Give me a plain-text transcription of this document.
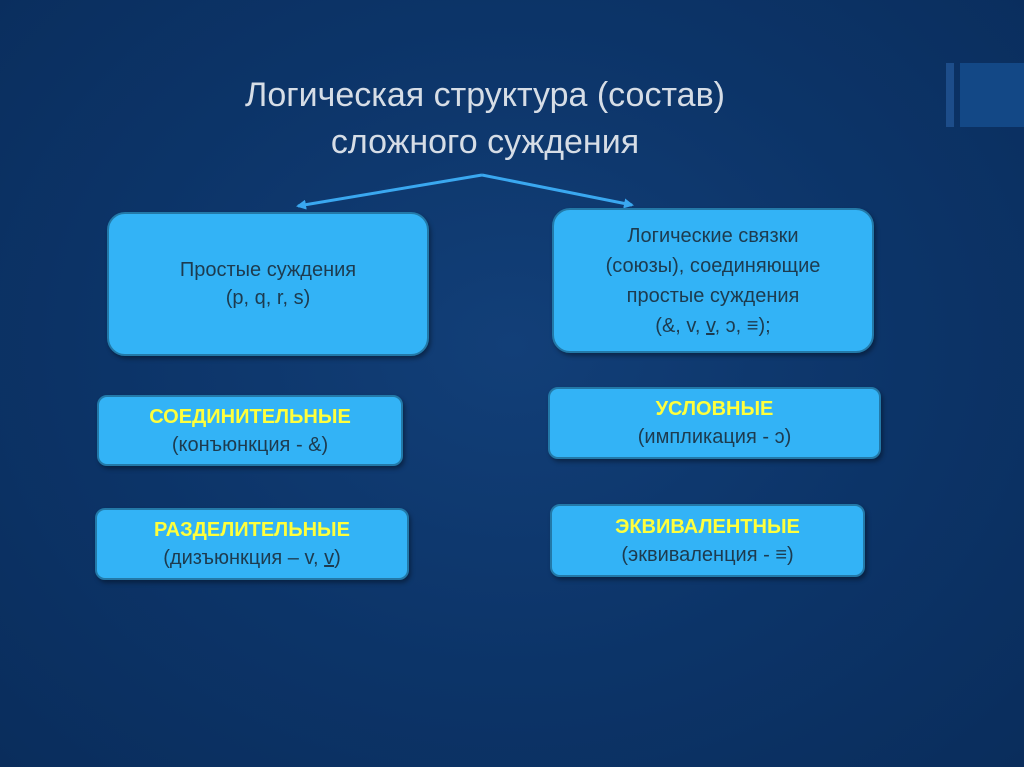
Логическая структура (состав)
сложного суждения
Простые суждения
(p, q, r, s)
Логические связки
(союзы), соединяющие
простые суждения
(&, v, v, ɔ, ≡);
СОЕДИНИТЕЛЬНЫЕ
(конъюнкция - &)
РАЗДЕЛИТЕЛЬНЫЕ
(дизъюнкция – v, v)
УСЛОВНЫЕ
(импликация - ɔ)
ЭКВИВАЛЕНТНЫЕ
(эквиваленция - ≡)
